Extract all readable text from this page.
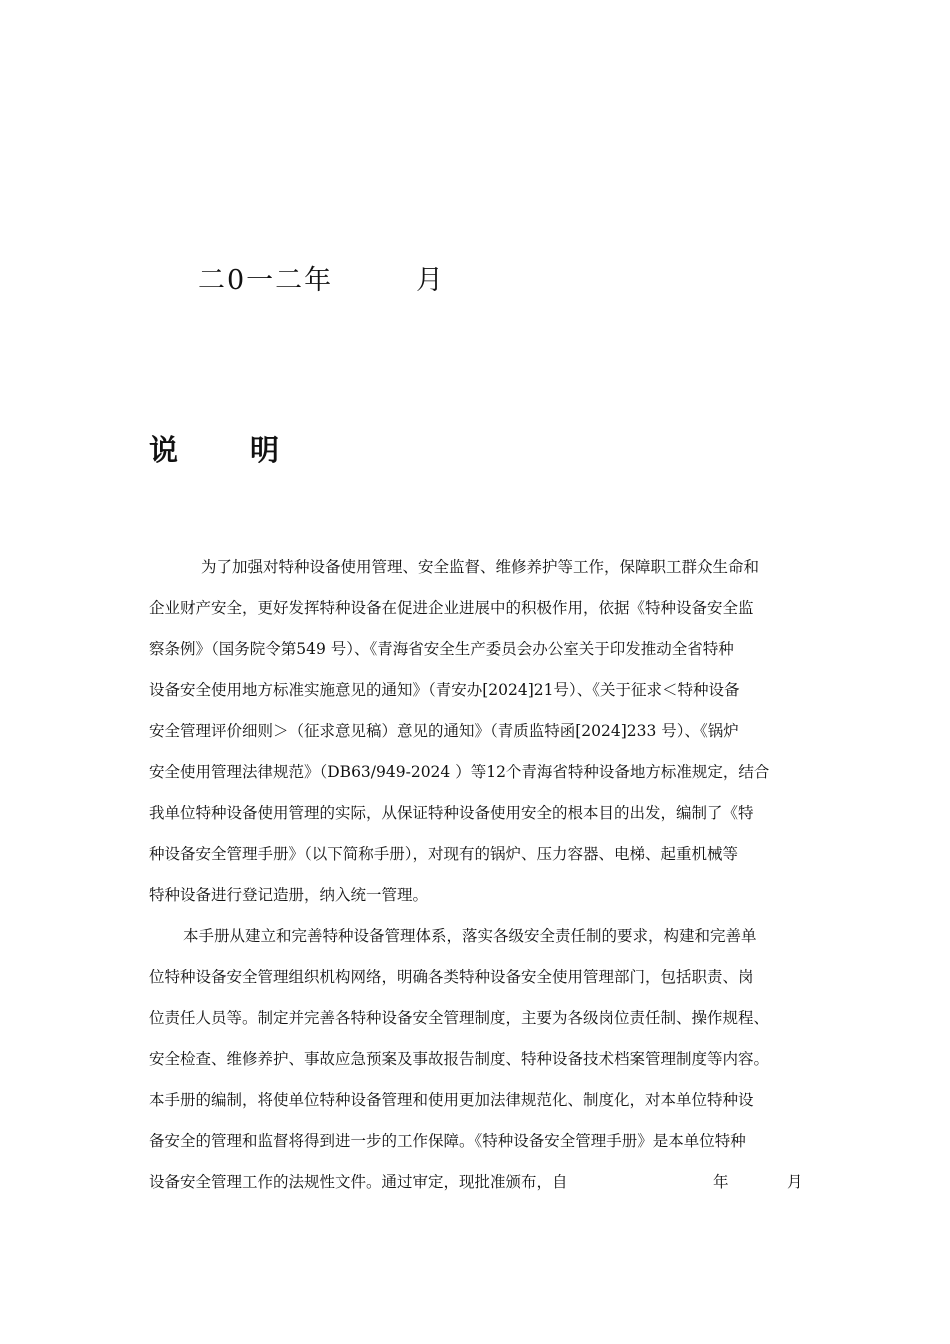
二0一二年	月
说 明
为了加强对特种设备使用管理、安全监督、维修养护等工作，保障职工群众生命和
企业财产安全，更好发挥特种设备在促进企业进展中的积极作用，依据《特种设备安全监
察条例》（国务院令第549 号）、《青海省安全生产委员会办公室关于印发推动全省特种
设备安全使用地方标准实施意见的通知》（青安办[2024]21号）、《关于征求＜特种设备
安全管理评价细则＞（征求意见稿）意见的通知》（青质监特函[2024]233 号）、《锅炉
安全使用管理法律规范》（DB63/949-2024 ）等12个青海省特种设备地方标准规定，结合
我单位特种设备使用管理的实际，从保证特种设备使用安全的根本目的出发，编制了《特
种设备安全管理手册》（以下简称手册），对现有的锅炉、压力容器、电梯、起重机械等
特种设备进行登记造册，纳入统一管理。
本手册从建立和完善特种设备管理体系，落实各级安全责任制的要求，构建和完善单
位特种设备安全管理组织机构网络，明确各类特种设备安全使用管理部门，包括职责、岗
位责任人员等。制定并完善各特种设备安全管理制度，主要为各级岗位责任制、操作规程、
安全检查、维修养护、事故应急预案及事故报告制度、特种设备技术档案管理制度等内容。
本手册的编制，将使单位特种设备管理和使用更加法律规范化、制度化，对本单位特种设
备安全的管理和监督将得到进一步的工作保障。《特种设备安全管理手册》是本单位特种
设备安全管理工作的法规性文件。通过审定，现批准颁布，自	年	月
